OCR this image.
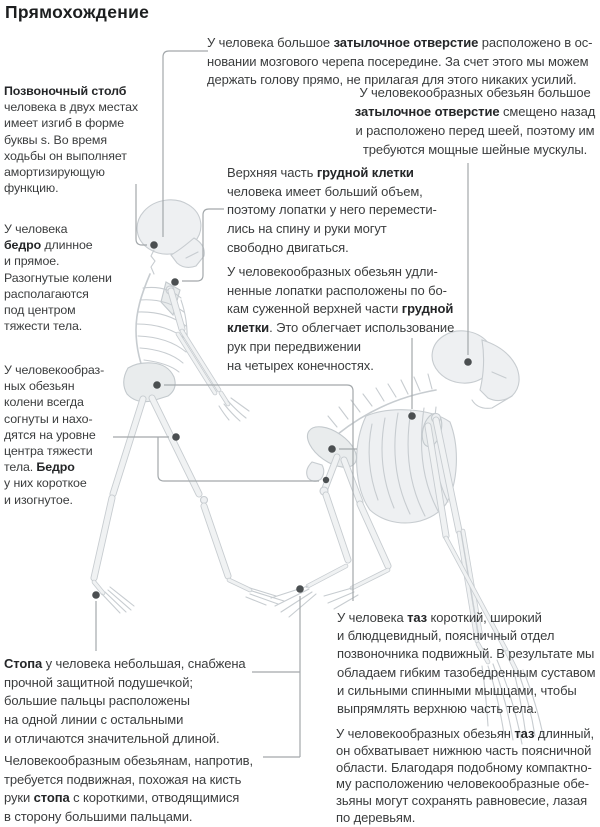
Прямохождение
Позвоночный столб
человека в двух местах
имеет изгиб в форме
буквы s. Во время
ходьбы он выполняет
амортизирующую
функцию.
У человека большое затылочное отверстие расположено в ос-
новании мозгового черепа посередине. За счет этого мы можем
держать голову прямо, не прилагая для этого никаких усилий.
У человекообразных обезьян большое
затылочное отверстие смещено назад
и расположено перед шеей, поэтому им
требуются мощные шейные мускулы.
Верхняя часть грудной клетки
человека имеет больший объем,
поэтому лопатки у него перемести-
лись на спину и руки могут
свободно двигаться.
У человекообразных обезьян удли-
ненные лопатки расположены по бо-
кам суженной верхней части грудной
клетки. Это облегчает использование
рук при передвижении
на четырех конечностях.
У человека
бедро длинное
и прямое.
Разогнутые колени
располагаются
под центром
тяжести тела.
У человекообраз-
ных обезьян
колени всегда
согнуты и нахо-
дятся на уровне
центра тяжести
тела. Бедро
у них короткое
и изогнутое.
Стопа у человека небольшая, снабжена
прочной защитной подушечкой;
большие пальцы расположены
на одной линии с остальными
и отличаются значительной длиной.
Человекообразным обезьянам, напротив,
требуется подвижная, похожая на кисть
руки стопа с короткими, отводящимися
в сторону большими пальцами.
У человека таз короткий, широкий
и блюдцевидный, поясничный отдел
позвоночника подвижный. В результате мы
обладаем гибким тазобедренным суставом
и сильными спинными мышцами, чтобы
выпрямлять верхнюю часть тела.
У человекообразных обезьян таз длинный,
он обхватывает нижнюю часть поясничной
области. Благодаря подобному компактно-
му расположению человекообразные обе-
зьяны могут сохранять равновесие, лазая
по деревьям.
